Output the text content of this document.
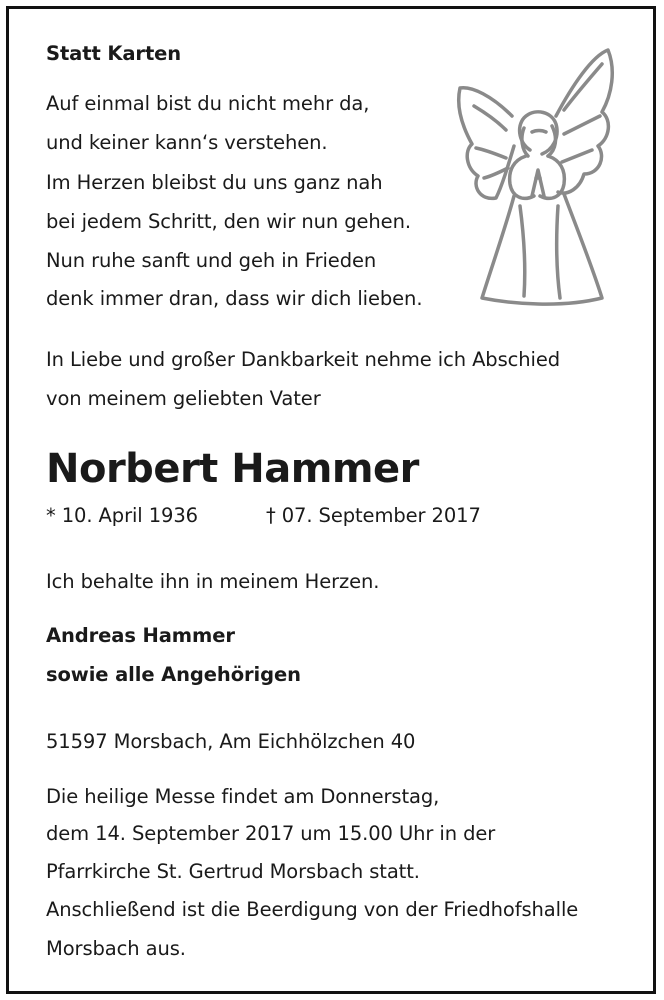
Statt Karten
Auf einmal bist du nicht mehr da,
und keiner kann‘s verstehen.
Im Herzen bleibst du uns ganz nah
bei jedem Schritt, den wir nun gehen.
Nun ruhe sanft und geh in Frieden
denk immer dran, dass wir dich lieben.
In Liebe und großer Dankbarkeit nehme ich Abschied
von meinem geliebten Vater
Norbert Hammer
* 10. April 1936	† 07. September 2017
Ich behalte ihn in meinem Herzen.
Andreas Hammer
sowie alle Angehörigen
51597 Morsbach, Am Eichhölzchen 40
Die heilige Messe findet am Donnerstag,
dem 14. September 2017 um 15.00 Uhr in der
Pfarrkirche St. Gertrud Morsbach statt.
Anschließend ist die Beerdigung von der Friedhofshalle
Morsbach aus.
